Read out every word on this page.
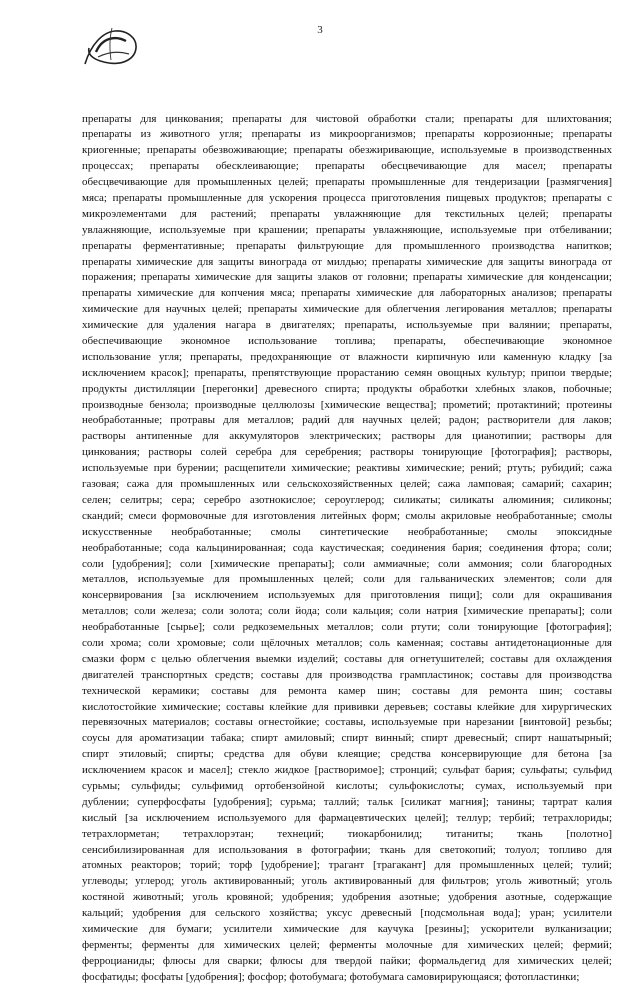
3
препараты для цинкования; препараты для чистовой обработки стали; препараты для шлихтования;
препараты из животного угля; препараты из микроорганизмов; препараты коррозионные; препараты
криогенные; препараты обезвоживающие; препараты обезжиривающие, используемые в производственных
процессах; препараты обесклеивающие; препараты обесцвечивающие для масел; препараты
обесцвечивающие для промышленных целей; препараты промышленные для тендеризации [размягчения]
мяса; препараты промышленные для ускорения процесса приготовления пищевых продуктов; препараты с
микроэлементами для растений; препараты увлажняющие для текстильных целей; препараты
увлажняющие, используемые при крашении; препараты увлажняющие, используемые при отбеливании;
препараты ферментативные; препараты фильтрующие для промышленного производства напитков;
препараты химические для защиты винограда от милдью; препараты химические для защиты винограда от
поражения; препараты химические для защиты злаков от головни; препараты химические для конденсации;
препараты химические для копчения мяса; препараты химические для лабораторных анализов; препараты
химические для научных целей; препараты химические для облегчения легирования металлов; препараты
химические для удаления нагара в двигателях; препараты, используемые при валянии; препараты,
обеспечивающие экономное использование топлива; препараты, обеспечивающие экономное
использование угля; препараты, предохраняющие от влажности кирпичную или каменную кладку [за
исключением красок]; препараты, препятствующие прорастанию семян овощных культур; припои твердые;
продукты дистилляции [перегонки] древесного спирта; продукты обработки хлебных злаков, побочные;
производные бензола; производные целлюлозы [химические вещества]; прометий; протактиний; протеины
необработанные; протравы для металлов; радий для научных целей; радон; растворители для лаков;
растворы антипенные для аккумуляторов электрических; растворы для цианотипии; растворы для
цинкования; растворы солей серебра для серебрения; растворы тонирующие [фотография]; растворы,
используемые при бурении; расщепители химические; реактивы химические; рений; ртуть; рубидий; сажа
газовая; сажа для промышленных или сельскохозяйственных целей; сажа ламповая; самарий; сахарин;
селен; селитры; сера; серебро азотнокислое; сероуглерод; силикаты; силикаты алюминия; силиконы;
скандий; смеси формовочные для изготовления литейных форм; смолы акриловые необработанные; смолы
искусственные необработанные; смолы синтетические необработанные; смолы эпоксидные
необработанные; сода кальцинированная; сода каустическая; соединения бария; соединения фтора; соли;
соли [удобрения]; соли [химические препараты]; соли аммиачные; соли аммония; соли благородных
металлов, используемые для промышленных целей; соли для гальванических элементов; соли для
консервирования [за исключением используемых для приготовления пищи]; соли для окрашивания
металлов; соли железа; соли золота; соли йода; соли кальция; соли натрия [химические препараты]; соли
необработанные [сырье]; соли редкоземельных металлов; соли ртути; соли тонирующие [фотография];
соли хрома; соли хромовые; соли щёлочных металлов; соль каменная; составы антидетонационные для
смазки форм с целью облегчения выемки изделий; составы для огнетушителей; составы для охлаждения
двигателей транспортных средств; составы для производства грампластинок; составы для производства
технической керамики; составы для ремонта камер шин; составы для ремонта шин; составы
кислотостойкие химические; составы клейкие для прививки деревьев; составы клейкие для хирургических
перевязочных материалов; составы огнестойкие; составы, используемые при нарезании [винтовой] резьбы;
соусы для ароматизации табака; спирт амиловый; спирт винный; спирт древесный; спирт нашатырный;
спирт этиловый; спирты; средства для обуви клеящие; средства консервирующие для бетона [за
исключением красок и масел]; стекло жидкое [растворимое]; стронций; сульфат бария; сульфаты; сульфид
сурьмы; сульфиды; сульфимид ортобензойной кислоты; сульфокислоты; сумах, используемый при
дублении; суперфосфаты [удобрения]; сурьма; таллий; тальк [силикат магния]; танины; тартрат калия
кислый [за исключением используемого для фармацевтических целей]; теллур; тербий; тетрахлориды;
тетрахлорметан; тетрахлорэтан; технеций; тиокарбонилид; титаниты; ткань [полотно]
сенсибилизированная для использования в фотографии; ткань для светокопий; толуол; топливо для
атомных реакторов; торий; торф [удобрение]; трагант [трагакант] для промышленных целей; тулий;
углеводы; углерод; уголь активированный; уголь активированный для фильтров; уголь животный; уголь
костяной животный; уголь кровяной; удобрения; удобрения азотные; удобрения азотные, содержащие
кальций; удобрения для сельского хозяйства; уксус древесный [подсмольная вода]; уран; усилители
химические для бумаги; усилители химические для каучука [резины]; ускорители вулканизации;
ферменты; ферменты для химических целей; ферменты молочные для химических целей; фермий;
ферроцианиды; флюсы для сварки; флюсы для твердой пайки; формальдегид для химических целей;
фосфатиды; фосфаты [удобрения]; фосфор; фотобумага; фотобумага самовирирующаяся; фотопластинки;
